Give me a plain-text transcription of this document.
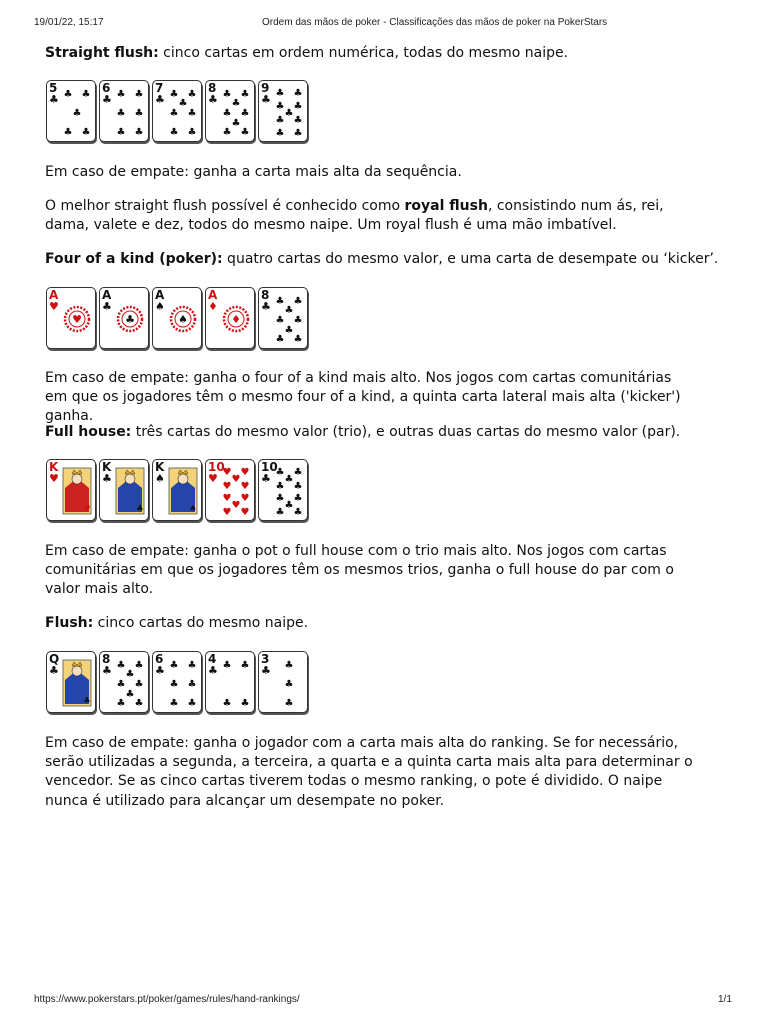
19/01/22, 15:17	Ordem das mãos de poker - Classificações das mãos de poker na PokerStars

Straight flush: cinco cartas em ordem numérica, todas do mesmo naipe.

5
♣ ♣ ♣
♣
♣ ♣
6
♣ ♣ ♣
♣ ♣
♣ ♣
7
♣ ♣ ♣
♣
♣ ♣
♣ ♣
8
♣ ♣ ♣
♣
♣ ♣
♣
♣ ♣
9
♣ ♣ ♣
♣ ♣
♣
♣ ♣
♣ ♣

Em caso de empate: ganha a carta mais alta da sequência.

O melhor straight flush possível é conhecido como royal flush, consistindo num ás, rei, dama, valete e dez, todos do mesmo naipe. Um royal flush é uma mão imbatível.

Four of a kind (poker): quatro cartas do mesmo valor, e uma carta de desempate ou ‘kicker’.

A
♥
♥
A
♣
♣
A
♠
♠
A
♦
♦
8
♣ ♣ ♣
♣
♣ ♣
♣
♣ ♣

Em caso de empate: ganha o four of a kind mais alto. Nos jogos com cartas comunitárias em que os jogadores têm o mesmo four of a kind, a quinta carta lateral mais alta ('kicker') ganha.

Full house: três cartas do mesmo valor (trio), e outras duas cartas do mesmo valor (par).

K
♥
♥
K
♣
♣
K
♠
♠
10
♥ ♥ ♥
♥
♥ ♥
♥ ♥
♥
♥ ♥
10
♣ ♣ ♣
♣
♣ ♣
♣ ♣
♣
♣ ♣

Em caso de empate: ganha o pot o full house com o trio mais alto. Nos jogos com cartas comunitárias em que os jogadores têm os mesmos trios, ganha o full house do par com o valor mais alto.

Flush: cinco cartas do mesmo naipe.

Q
♣
♣
8
♣ ♣ ♣
♣
♣ ♣
♣
♣ ♣
6
♣ ♣ ♣
♣ ♣
♣ ♣
4
♣ ♣ ♣
♣ ♣
3
♣ ♣
♣
♣

Em caso de empate: ganha o jogador com a carta mais alta do ranking. Se for necessário, serão utilizadas a segunda, a terceira, a quarta e a quinta carta mais alta para determinar o vencedor. Se as cinco cartas tiverem todas o mesmo ranking, o pote é dividido. O naipe nunca é utilizado para alcançar um desempate no poker.

https://www.pokerstars.pt/poker/games/rules/hand-rankings/	1/1
